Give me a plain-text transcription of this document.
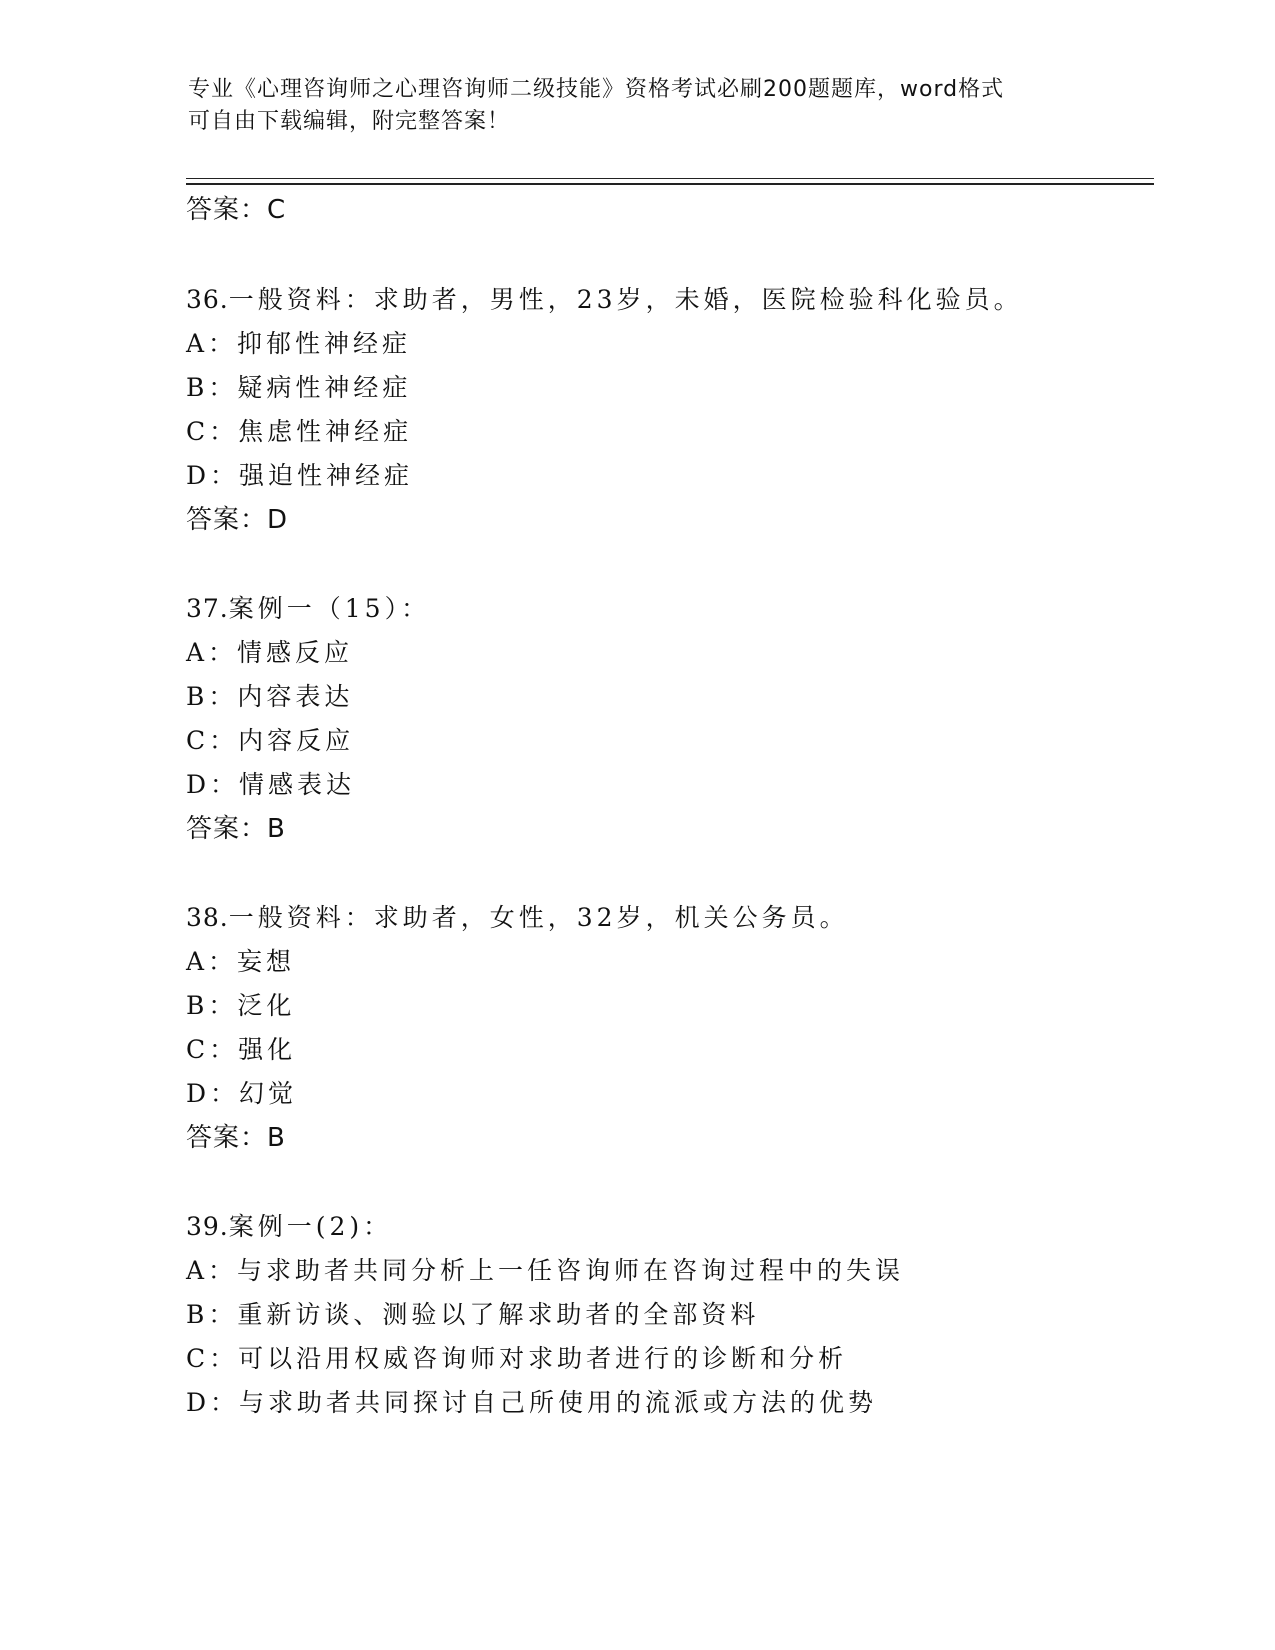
专业《心理咨询师之心理咨询师二级技能》资格考试必刷200题题库，word格式
可自由下载编辑，附完整答案！
答案：C
36.一般资料：求助者，男性，23岁，未婚，医院检验科化验员。
A：抑郁性神经症
B：疑病性神经症
C：焦虑性神经症
D：强迫性神经症
答案：D
37.案例一（15）：
A：情感反应
B：内容表达
C：内容反应
D：情感表达
答案：B
38.一般资料：求助者，女性，32岁，机关公务员。
A：妄想
B：泛化
C：强化
D：幻觉
答案：B
39.案例一(2)：
A：与求助者共同分析上一任咨询师在咨询过程中的失误
B：重新访谈、测验以了解求助者的全部资料
C：可以沿用权威咨询师对求助者进行的诊断和分析
D：与求助者共同探讨自己所使用的流派或方法的优势
